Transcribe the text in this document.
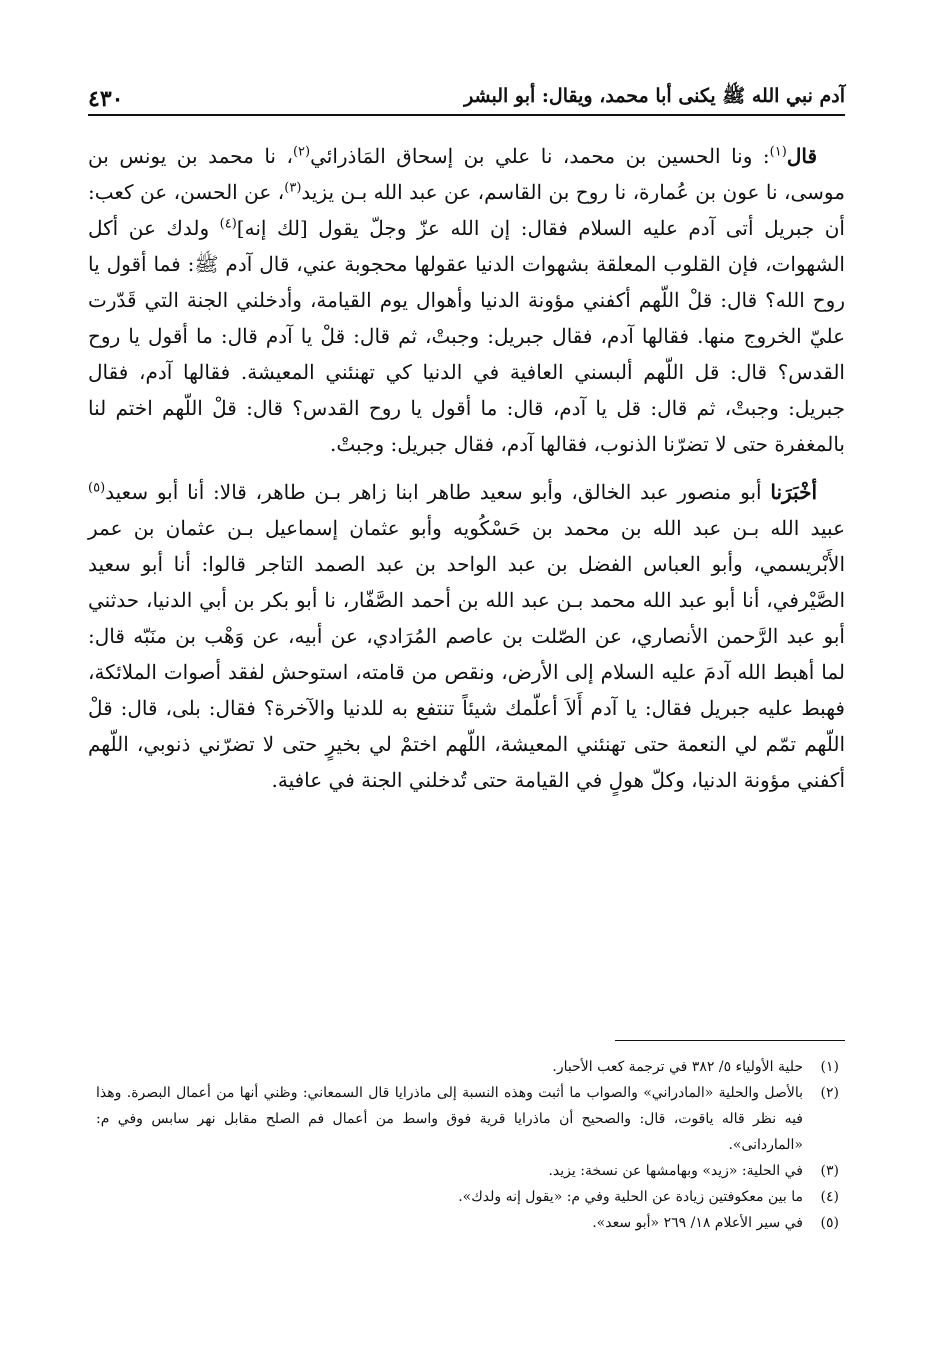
آدم نبي الله ﷺ يكنى أبا محمد، ويقال: أبو البشر
٤٣٠

قال$^{(١)}$: ونا الحسين بن محمد، نا علي بن إسحاق المَاذرائي$^{(٢)}$، نا محمد بن يونس بن موسى، نا عون بن عُمارة، نا روح بن القاسم، عن عبد الله بـن يزيد$^{(٣)}$، عن الحسن، عن كعب: أن جبريل أتى آدم عليه السلام فقال: إن الله عزّ وجلّ يقول [لك إنه]$^{(٤)}$ ولدك عن أكل الشهوات، فإن القلوب المعلقة بشهوات الدنيا عقولها محجوبة عني، قال آدم ﷺ: فما أقول يا روح الله؟ قال: قلْ اللّهم أكفني مؤونة الدنيا وأهوال يوم القيامة، وأدخلني الجنة التي قَدّرت عليّ الخروج منها. فقالها آدم، فقال جبريل: وجبتْ، ثم قال: قلْ يا آدم قال: ما أقول يا روح القدس؟ قال: قل اللّهم ألبسني العافية في الدنيا كي تهنئني المعيشة. فقالها آدم، فقال جبريل: وجبتْ، ثم قال: قل يا آدم، قال: ما أقول يا روح القدس؟ قال: قلْ اللّهم اختم لنا بالمغفرة حتى لا تضرّنا الذنوب، فقالها آدم، فقال جبريل: وجبتْ.

أخْبَرَنا أبو منصور عبد الخالق، وأبو سعيد طاهر ابنا زاهر بـن طاهر، قالا: أنا أبو سعيد$^{(٥)}$ عبيد الله بـن عبد الله بن محمد بن حَسْكُويه وأبو عثمان إسماعيل بـن عثمان بن عمر الأَبْريسمي، وأبو العباس الفضل بن عبد الواحد بن عبد الصمد التاجر قالوا: أنا أبو سعيد الصَّيْرفي، أنا أبو عبد الله محمد بـن عبد الله بن أحمد الصَّفّار، نا أبو بكر بن أبي الدنيا، حدثني أبو عبد الرَّحمن الأنصاري، عن الصّلت بن عاصم المُرَادي، عن أبيه، عن وَهْب بن منَبّه قال: لما أهبط الله آدمَ عليه السلام إلى الأرض، ونقص من قامته، استوحش لفقد أصوات الملائكة، فهبط عليه جبريل فقال: يا آدم أَلاَ أعلّمك شيئاً تنتفع به للدنيا والآخرة؟ فقال: بلى، قال: قلْ اللّهم تمّم لي النعمة حتى تهنئني المعيشة، اللّهم اختمْ لي بخيرٍ حتى لا تضرّني ذنوبي، اللّهم أكفني مؤونة الدنيا، وكلّ هولٍ في القيامة حتى تُدخلني الجنة في عافية.

(١)
حلية الأولياء ٥/ ٣٨٢ في ترجمة كعب الأحبار.
(٢)
بالأصل والحلية «المادراني» والصواب ما أثبت وهذه النسبة إلى ماذرايا قال السمعاني: وظني أنها من أعمال البصرة. وهذا فيه نظر قاله ياقوت، قال: والصحيح أن ماذرايا قرية فوق واسط من أعمال فم الصلح مقابل نهر سابس وفي م: «الماردانى».
(٣)
في الحلية: «زيد» وبهامشها عن نسخة: يزيد.
(٤)
ما بين معكوفتين زيادة عن الحلية وفي م: «يقول إنه ولدك».
(٥)
في سير الأعلام ١٨/ ٢٦٩ «أبو سعد».
